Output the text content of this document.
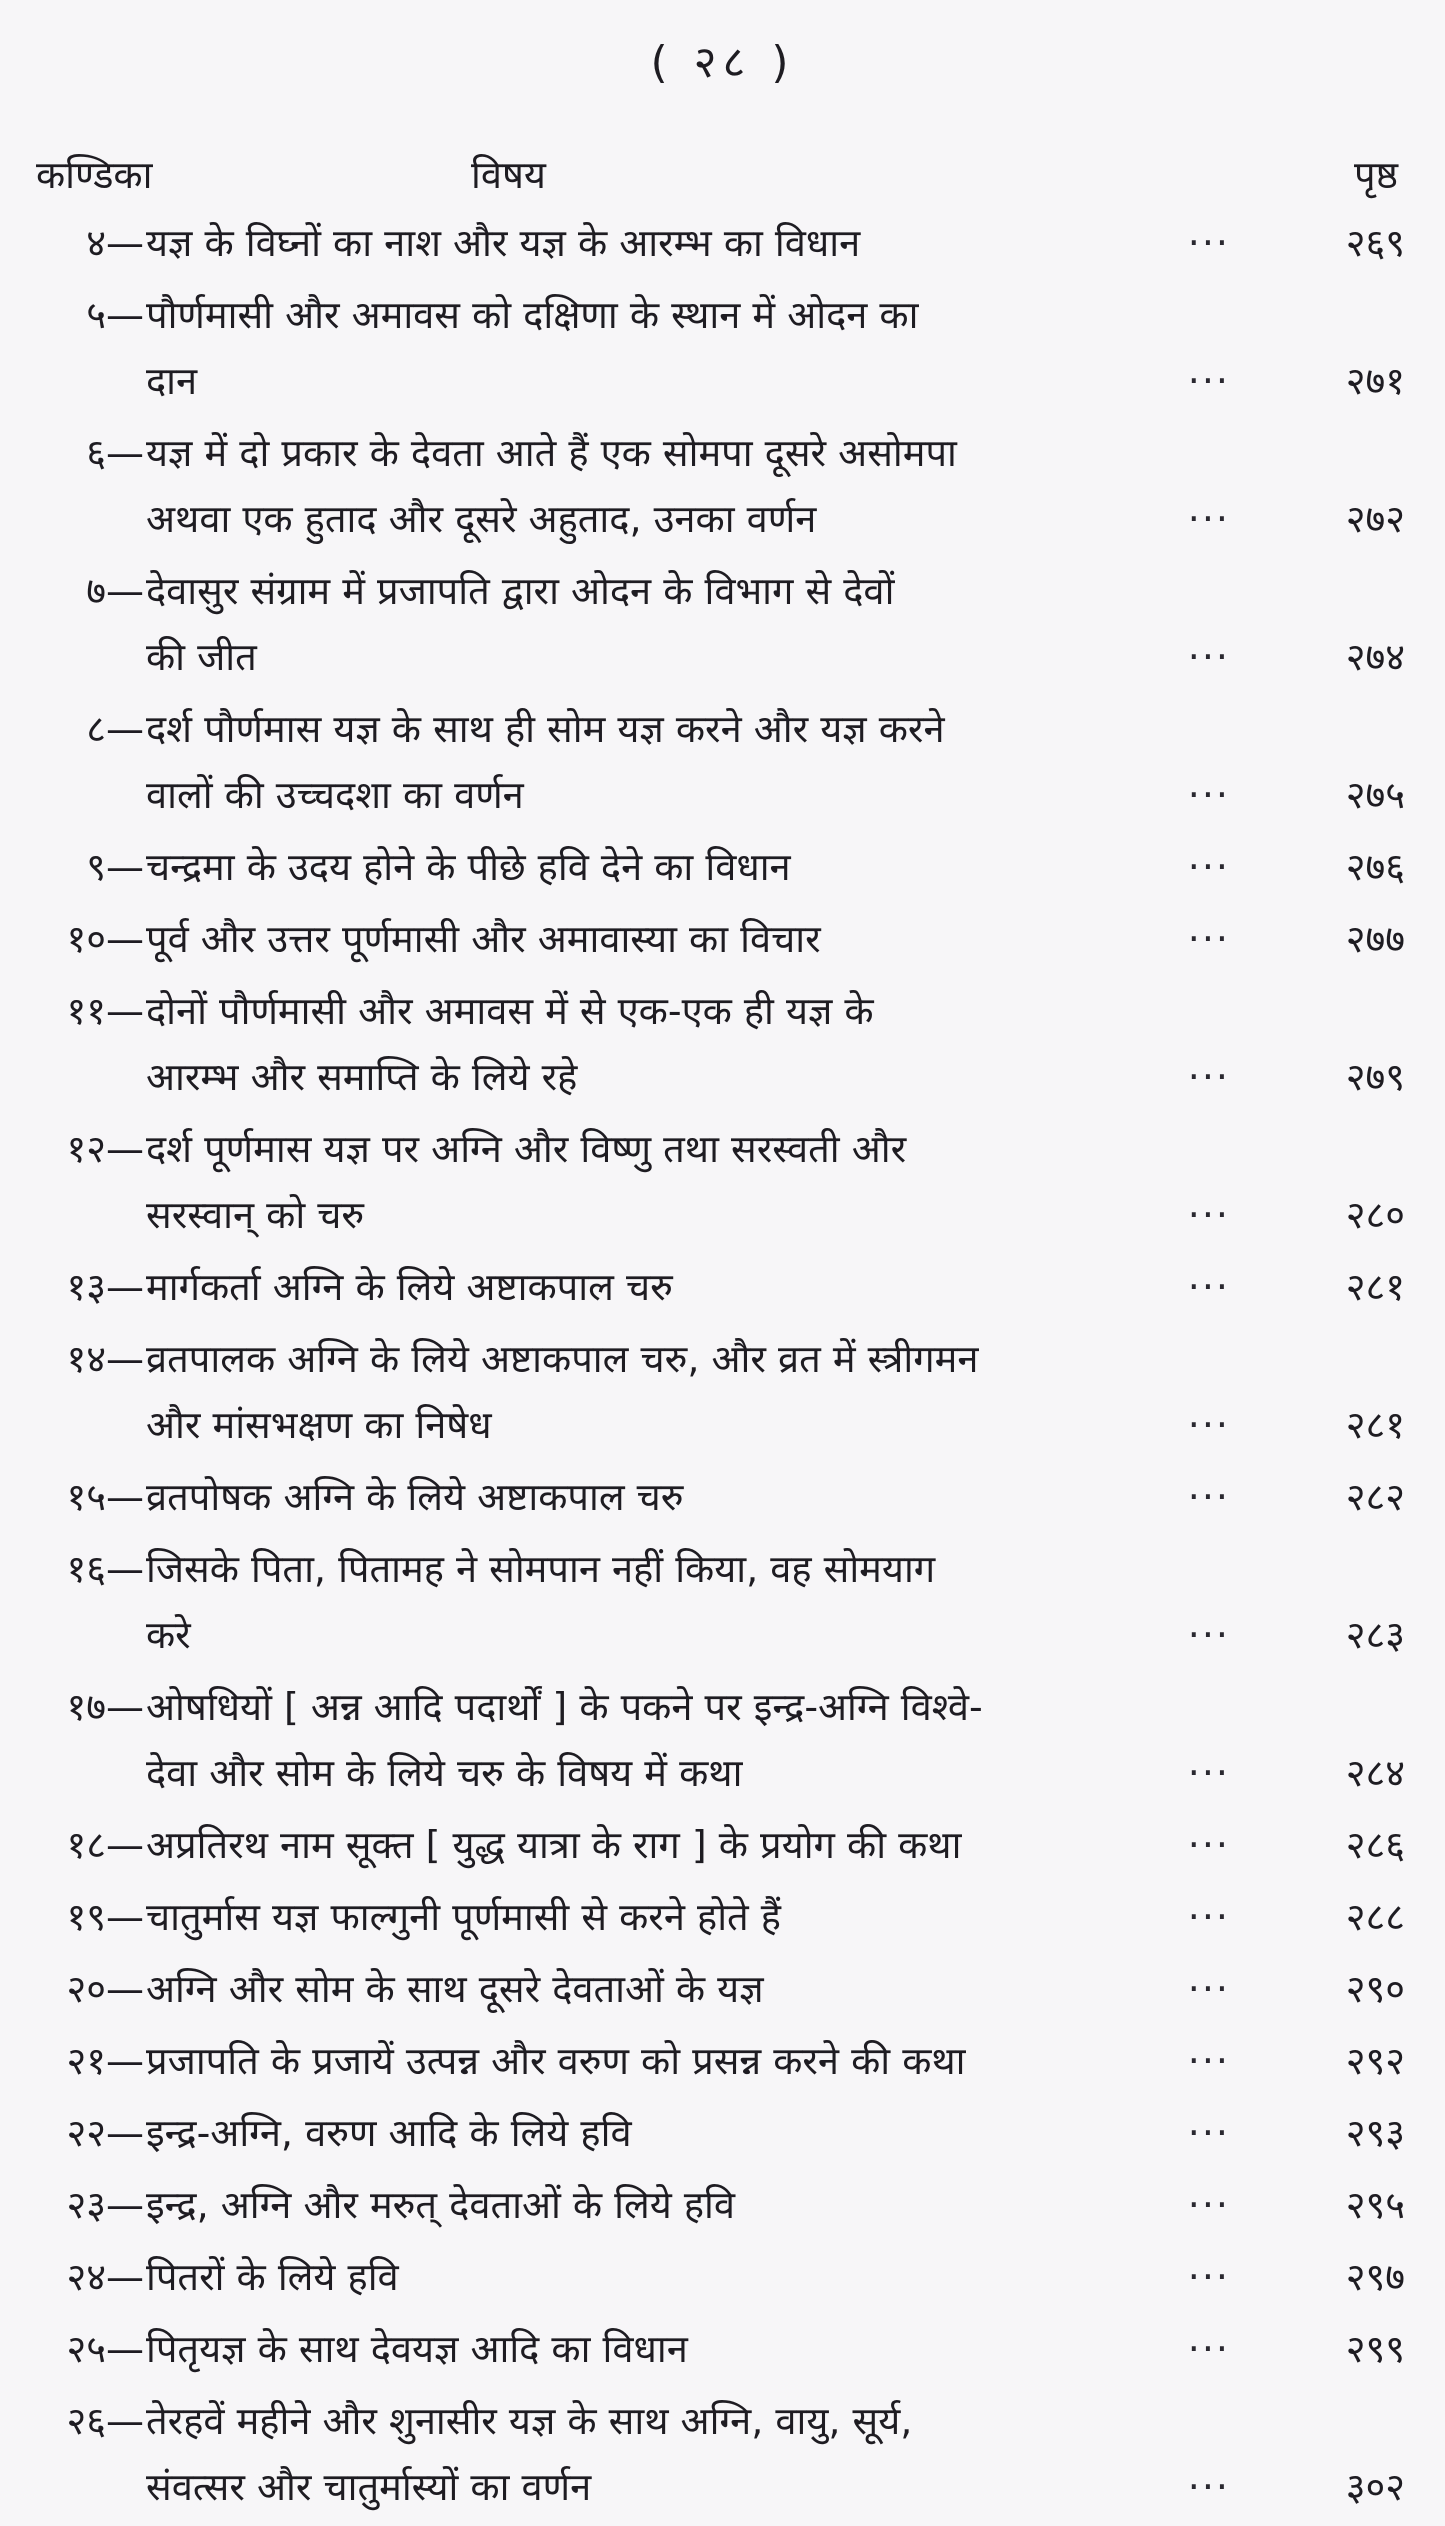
( २८ )
कण्डिका	विषय	पृष्ठ
४— यज्ञ के विघ्नों का नाश और यज्ञ के आरम्भ का विधान	···	२६९
५— पौर्णमासी और अमावस को दक्षिणा के स्थान में ओदन का
दान	···	२७१
६— यज्ञ में दो प्रकार के देवता आते हैं एक सोमपा दूसरे असोमपा
अथवा एक हुताद और दूसरे अहुताद, उनका वर्णन	···	२७२
७— देवासुर संग्राम में प्रजापति द्वारा ओदन के विभाग से देवों
की जीत	···	२७४
८— दर्श पौर्णमास यज्ञ के साथ ही सोम यज्ञ करने और यज्ञ करने
वालों की उच्चदशा का वर्णन	···	२७५
९— चन्द्रमा के उदय होने के पीछे हवि देने का विधान	···	२७६
१०— पूर्व और उत्तर पूर्णमासी और अमावास्या का विचार	···	२७७
११— दोनों पौर्णमासी और अमावस में से एक-एक ही यज्ञ के
आरम्भ और समाप्ति के लिये रहे	···	२७९
१२— दर्श पूर्णमास यज्ञ पर अग्नि और विष्णु तथा सरस्वती और
सरस्वान् को चरु	···	२८०
१३— मार्गकर्ता अग्नि के लिये अष्टाकपाल चरु	···	२८१
१४— व्रतपालक अग्नि के लिये अष्टाकपाल चरु, और व्रत में स्त्रीगमन
और मांसभक्षण का निषेध	···	२८१
१५— व्रतपोषक अग्नि के लिये अष्टाकपाल चरु	···	२८२
१६— जिसके पिता, पितामह ने सोमपान नहीं किया, वह सोमयाग
करे	···	२८३
१७— ओषधियों [ अन्न आदि पदार्थों ] के पकने पर इन्द्र-अग्नि विश्वे-
देवा और सोम के लिये चरु के विषय में कथा	···	२८४
१८— अप्रतिरथ नाम सूक्त [ युद्ध यात्रा के राग ] के प्रयोग की कथा	···	२८६
१९— चातुर्मास यज्ञ फाल्गुनी पूर्णमासी से करने होते हैं	···	२८८
२०— अग्नि और सोम के साथ दूसरे देवताओं के यज्ञ	···	२९०
२१— प्रजापति के प्रजायें उत्पन्न और वरुण को प्रसन्न करने की कथा	···	२९२
२२— इन्द्र-अग्नि, वरुण आदि के लिये हवि	···	२९३
२३— इन्द्र, अग्नि और मरुत् देवताओं के लिये हवि	···	२९५
२४— पितरों के लिये हवि	···	२९७
२५— पितृयज्ञ के साथ देवयज्ञ आदि का विधान	···	२९९
२६— तेरहवें महीने और शुनासीर यज्ञ के साथ अग्नि, वायु, सूर्य,
संवत्सर और चातुर्मास्यों का वर्णन	···	३०२
